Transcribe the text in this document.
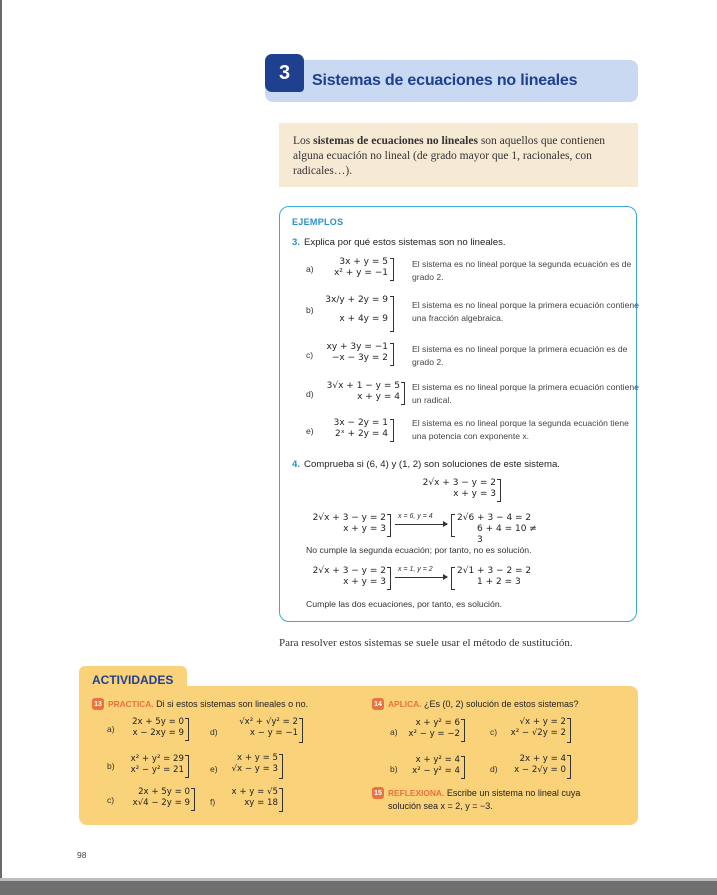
3	Sistemas de ecuaciones no lineales
Los sistemas de ecuaciones no lineales son aquellos que contienen alguna ecuación no lineal (de grado mayor que 1, racionales, con radicales…).
EJEMPLOS
3. Explica por qué estos sistemas son no lineales.
a)
3x + y = 5
x² + y = −1
El sistema es no lineal porque la segunda ecuación es de grado 2.
b)
3x/y + 2y = 9
x + 4y = 9
El sistema es no lineal porque la primera ecuación contiene una fracción algebraica.
c)
xy + 3y = −1
−x − 3y = 2
El sistema es no lineal porque la primera ecuación es de grado 2.
d)
3√x + 1 − y = 5
x + y = 4
El sistema es no lineal porque la primera ecuación contiene un radical.
e)
3x − 2y = 1
2ˣ + 2y = 4
El sistema es no lineal porque la segunda ecuación tiene una potencia con exponente x.
4. Comprueba si (6, 4) y (1, 2) son soluciones de este sistema.
2√x + 3 − y = 2
x + y = 3
2√x + 3 − y = 2
x + y = 3
x = 6, y = 4	2√6 + 3 − 4 = 2
6 + 4 = 10 ≠ 3
No cumple la segunda ecuación; por tanto, no es solución.
2√x + 3 − y = 2
x + y = 3
x = 1, y = 2	2√1 + 3 − 2 = 2
1 + 2 = 3
Cumple las dos ecuaciones, por tanto, es solución.
Para resolver estos sistemas se suele usar el método de sustitución.
ACTIVIDADES
13 PRACTICA. Di si estos sistemas son lineales o no.
a)
2x + 5y = 0
x − 2xy = 9
b)
x² + y² = 29
x² − y² = 21
c)
2x + 5y = 0
x√4 − 2y = 9
d)
√x² + √y² = 2
x − y = −1
e)
x + y = 5
√x − y = 3
f)
x + y = √5
xy = 18
14 APLICA. ¿Es (0, 2) solución de estos sistemas?
a)
x + y² = 6
x² − y = −2
b)
x + y² = 4
x² − y² = 4
c)
√x + y = 2
x² − √2y = 2
d)
2x + y = 4
x − 2√y = 0
15 REFLEXIONA. Escribe un sistema no lineal cuya
solución sea x = 2, y = −3.
98
